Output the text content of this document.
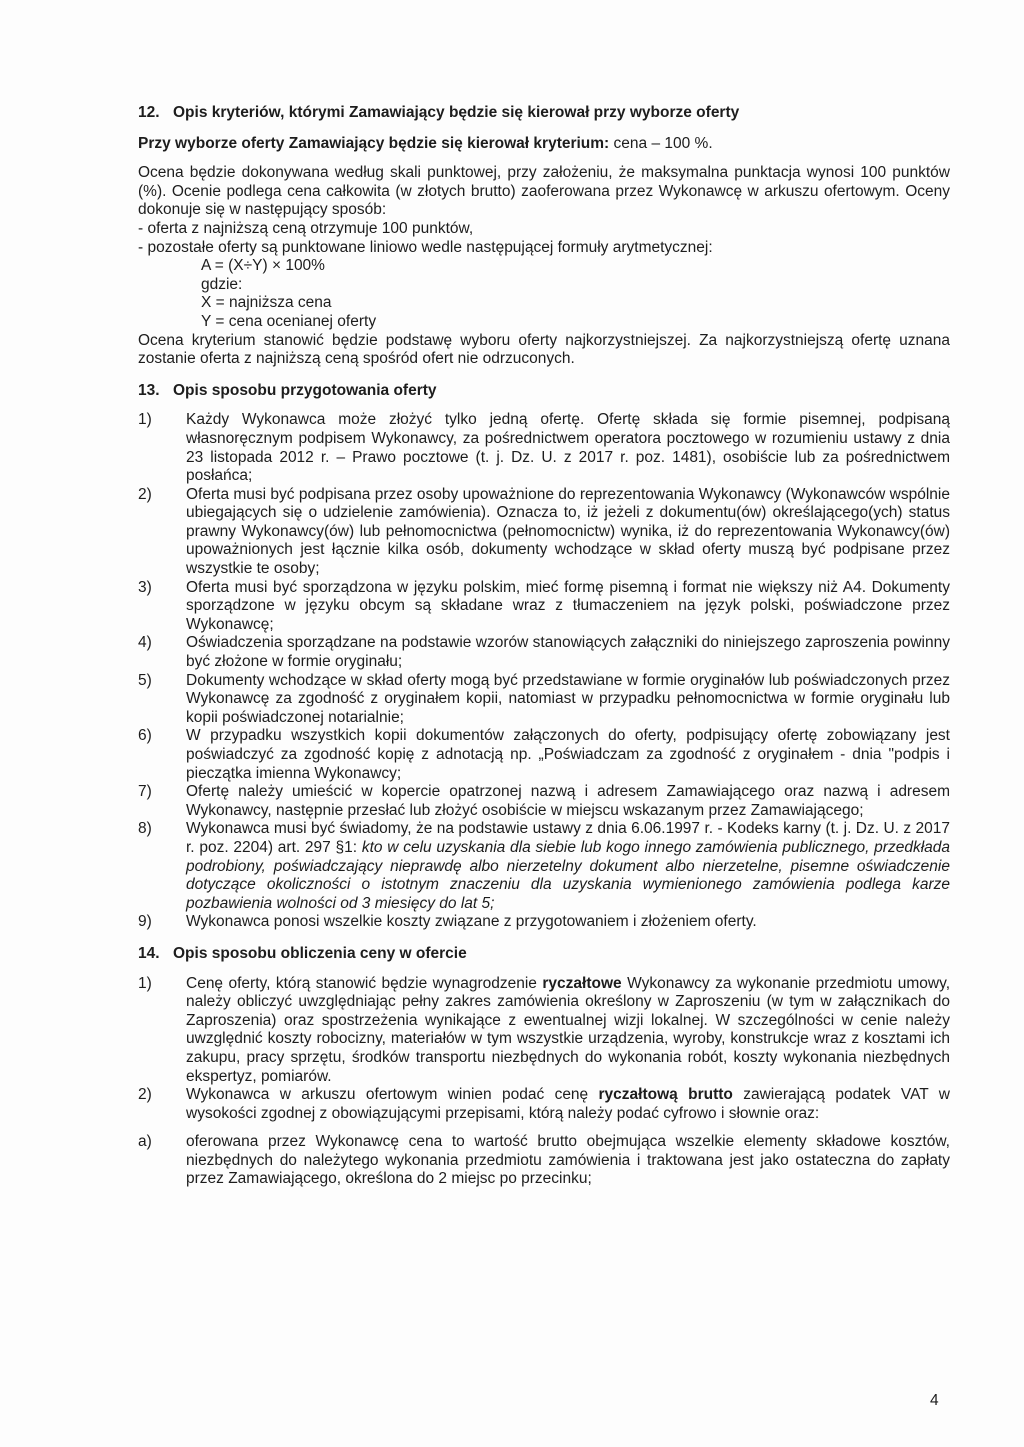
12. Opis kryteriów, którymi Zamawiający będzie się kierował przy wyborze oferty

Przy wyborze oferty Zamawiający będzie się kierował kryterium: cena – 100 %.

Ocena będzie dokonywana według skali punktowej, przy założeniu, że maksymalna punktacja wynosi 100 punktów (%). Ocenie podlega cena całkowita (w złotych brutto) zaoferowana przez Wykonawcę w arkuszu ofertowym. Oceny dokonuje się w następujący sposób:

- oferta z najniższą ceną otrzymuje 100 punktów,

- pozostałe oferty są punktowane liniowo wedle następującej formuły arytmetycznej:

A = (X÷Y) × 100%

gdzie:

X = najniższa cena

Y = cena ocenianej oferty

Ocena kryterium stanowić będzie podstawę wyboru oferty najkorzystniejszej. Za najkorzystniejszą ofertę uznana zostanie oferta z najniższą ceną spośród ofert nie odrzuconych.

13. Opis sposobu przygotowania oferty
1)	Każdy Wykonawca może złożyć tylko jedną ofertę. Ofertę składa się formie pisemnej, podpisaną własnoręcznym podpisem Wykonawcy, za pośrednictwem operatora pocztowego w rozumieniu ustawy z dnia 23 listopada 2012 r. – Prawo pocztowe (t. j. Dz. U. z 2017 r. poz. 1481), osobiście lub za pośrednictwem posłańca;
2)	Oferta musi być podpisana przez osoby upoważnione do reprezentowania Wykonawcy (Wykonawców wspólnie ubiegających się o udzielenie zamówienia). Oznacza to, iż jeżeli z dokumentu(ów) określającego(ych) status prawny Wykonawcy(ów) lub pełnomocnictwa (pełnomocnictw) wynika, iż do reprezentowania Wykonawcy(ów) upoważnionych jest łącznie kilka osób, dokumenty wchodzące w skład oferty muszą być podpisane przez wszystkie te osoby;
3)	Oferta musi być sporządzona w języku polskim, mieć formę pisemną i format nie większy niż A4. Dokumenty sporządzone w języku obcym są składane wraz z tłumaczeniem na język polski, poświadczone przez Wykonawcę;
4)	Oświadczenia sporządzane na podstawie wzorów stanowiących załączniki do niniejszego zaproszenia powinny być złożone w formie oryginału;
5)	Dokumenty wchodzące w skład oferty mogą być przedstawiane w formie oryginałów lub poświadczonych przez Wykonawcę za zgodność z oryginałem kopii, natomiast w przypadku pełnomocnictwa w formie oryginału lub kopii poświadczonej notarialnie;
6)	W przypadku wszystkich kopii dokumentów załączonych do oferty, podpisujący ofertę zobowiązany jest poświadczyć za zgodność kopię z adnotacją np. „Poświadczam za zgodność z oryginałem - dnia "podpis i pieczątka imienna Wykonawcy;
7)	Ofertę należy umieścić w kopercie opatrzonej nazwą i adresem Zamawiającego oraz nazwą i adresem Wykonawcy, następnie przesłać lub złożyć osobiście w miejscu wskazanym przez Zamawiającego;
8)	Wykonawca musi być świadomy, że na podstawie ustawy z dnia 6.06.1997 r. - Kodeks karny (t. j. Dz. U. z 2017 r. poz. 2204) art. 297 §1: kto w celu uzyskania dla siebie lub kogo innego zamówienia publicznego, przedkłada podrobiony, poświadczający nieprawdę albo nierzetelny dokument albo nierzetelne, pisemne oświadczenie dotyczące okoliczności o istotnym znaczeniu dla uzyskania wymienionego zamówienia podlega karze pozbawienia wolności od 3 miesięcy do lat 5;
9)	Wykonawca ponosi wszelkie koszty związane z przygotowaniem i złożeniem oferty.
14. Opis sposobu obliczenia ceny w ofercie
1)	Cenę oferty, którą stanowić będzie wynagrodzenie ryczałtowe Wykonawcy za wykonanie przedmiotu umowy, należy obliczyć uwzględniając pełny zakres zamówienia określony w Zaproszeniu (w tym w załącznikach do Zaproszenia) oraz spostrzeżenia wynikające z ewentualnej wizji lokalnej. W szczególności w cenie należy uwzględnić koszty robocizny, materiałów w tym wszystkie urządzenia, wyroby, konstrukcje wraz z kosztami ich zakupu, pracy sprzętu, środków transportu niezbędnych do wykonania robót, koszty wykonania niezbędnych ekspertyz, pomiarów.
2)	Wykonawca w arkuszu ofertowym winien podać cenę ryczałtową brutto zawierającą podatek VAT w wysokości zgodnej z obowiązującymi przepisami, którą należy podać cyfrowo i słownie oraz:
a)	oferowana przez Wykonawcę cena to wartość brutto obejmująca wszelkie elementy składowe kosztów, niezbędnych do należytego wykonania przedmiotu zamówienia i traktowana jest jako ostateczna do zapłaty przez Zamawiającego, określona do 2 miejsc po przecinku;
4
